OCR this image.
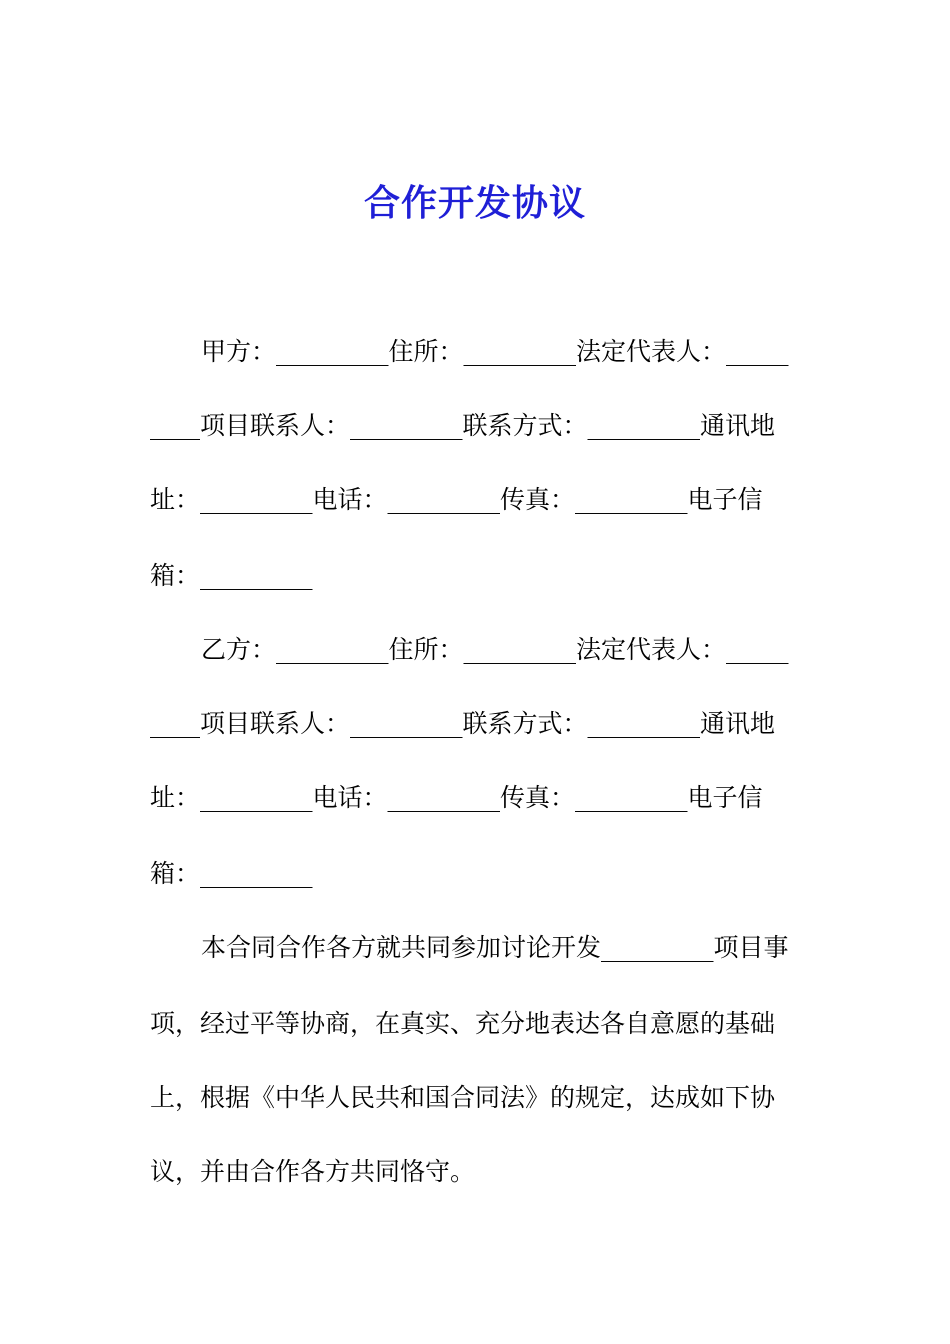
合作开发协议
甲方：_________住所：_________法定代表人：_____
____项目联系人：_________联系方式：_________通讯地
址：_________电话：_________传真：_________电子信
箱：_________
乙方：_________住所：_________法定代表人：_____
____项目联系人：_________联系方式：_________通讯地
址：_________电话：_________传真：_________电子信
箱：_________
本合同合作各方就共同参加讨论开发_________项目事
项，经过平等协商，在真实、充分地表达各自意愿的基础
上，根据《中华人民共和国合同法》的规定，达成如下协
议，并由合作各方共同恪守。
